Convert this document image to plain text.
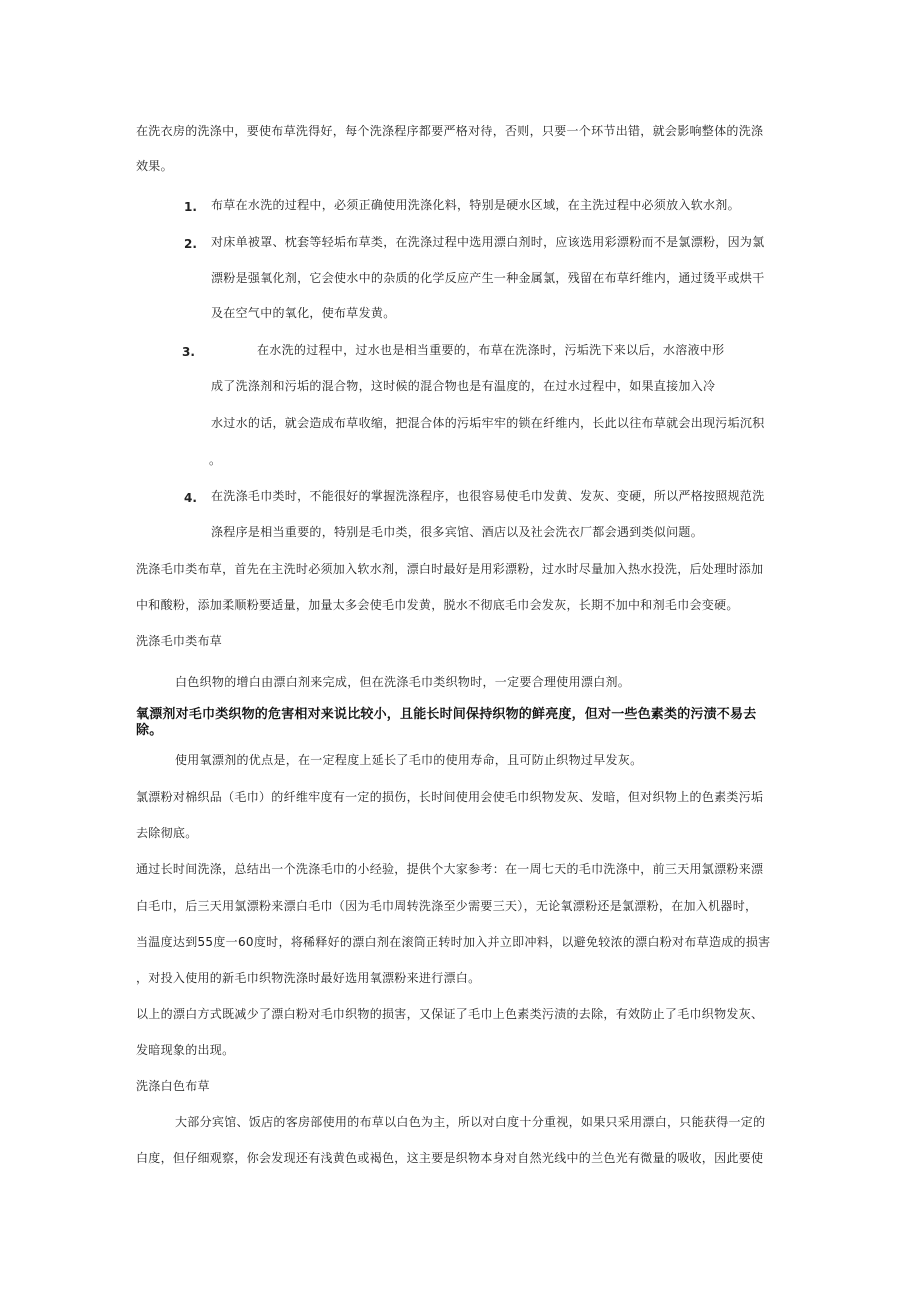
在洗衣房的洗涤中，要使布草洗得好，每个洗涤程序都要严格对待，否则，只要一个环节出错，就会影响整体的洗涤
效果。
1. 布草在水洗的过程中，必须正确使用洗涤化料，特别是硬水区域，在主洗过程中必须放入软水剂。
2. 对床单被罩、枕套等轻垢布草类，在洗涤过程中选用漂白剂时，应该选用彩漂粉而不是氯漂粉，因为氯
漂粉是强氧化剂，它会使水中的杂质的化学反应产生一种金属氯，残留在布草纤维内，通过烫平或烘干
及在空气中的氧化，使布草发黄。
3.	在水洗的过程中，过水也是相当重要的，布草在洗涤时，污垢洗下来以后，水溶液中形
成了洗涤剂和污垢的混合物，这时候的混合物也是有温度的，在过水过程中，如果直接加入冷
水过水的话，就会造成布草收缩，把混合体的污垢牢牢的锁在纤维内，长此以往布草就会出现污垢沉积
。
4. 在洗涤毛巾类时，不能很好的掌握洗涤程序，也很容易使毛巾发黄、发灰、变硬，所以严格按照规范洗
涤程序是相当重要的，特别是毛巾类，很多宾馆、酒店以及社会洗衣厂都会遇到类似问题。
洗涤毛巾类布草，首先在主洗时必须加入软水剂，漂白时最好是用彩漂粉，过水时尽量加入热水投洗，后处理时添加
中和酸粉，添加柔顺粉要适量，加量太多会使毛巾发黄，脱水不彻底毛巾会发灰，长期不加中和剂毛巾会变硬。
洗涤毛巾类布草
白色织物的增白由漂白剂来完成，但在洗涤毛巾类织物时，一定要合理使用漂白剂。
氧漂剂对毛巾类织物的危害相对来说比较小，且能长时间保持织物的鲜亮度，但对一些色素类的污渍不易去
除。
使用氧漂剂的优点是，在一定程度上延长了毛巾的使用寿命，且可防止织物过早发灰。
氯漂粉对棉织品（毛巾）的纤维牢度有一定的损伤，长时间使用会使毛巾织物发灰、发暗，但对织物上的色素类污垢
去除彻底。
通过长时间洗涤，总结出一个洗涤毛巾的小经验，提供个大家参考：在一周七天的毛巾洗涤中，前三天用氯漂粉来漂
白毛巾，后三天用氯漂粉来漂白毛巾（因为毛巾周转洗涤至少需要三天），无论氧漂粉还是氯漂粉，在加入机器时，
当温度达到55度一60度时，将稀释好的漂白剂在滚筒正转时加入并立即冲料，以避免较浓的漂白粉对布草造成的损害
，对投入使用的新毛巾织物洗涤时最好选用氧漂粉来进行漂白。
以上的漂白方式既减少了漂白粉对毛巾织物的损害，又保证了毛巾上色素类污渍的去除，有效防止了毛巾织物发灰、
发暗现象的出现。
洗涤白色布草
大部分宾馆、饭店的客房部使用的布草以白色为主，所以对白度十分重视，如果只采用漂白，只能获得一定的
白度，但仔细观察，你会发现还有浅黄色或褐色，这主要是织物本身对自然光线中的兰色光有微量的吸收，因此要使
